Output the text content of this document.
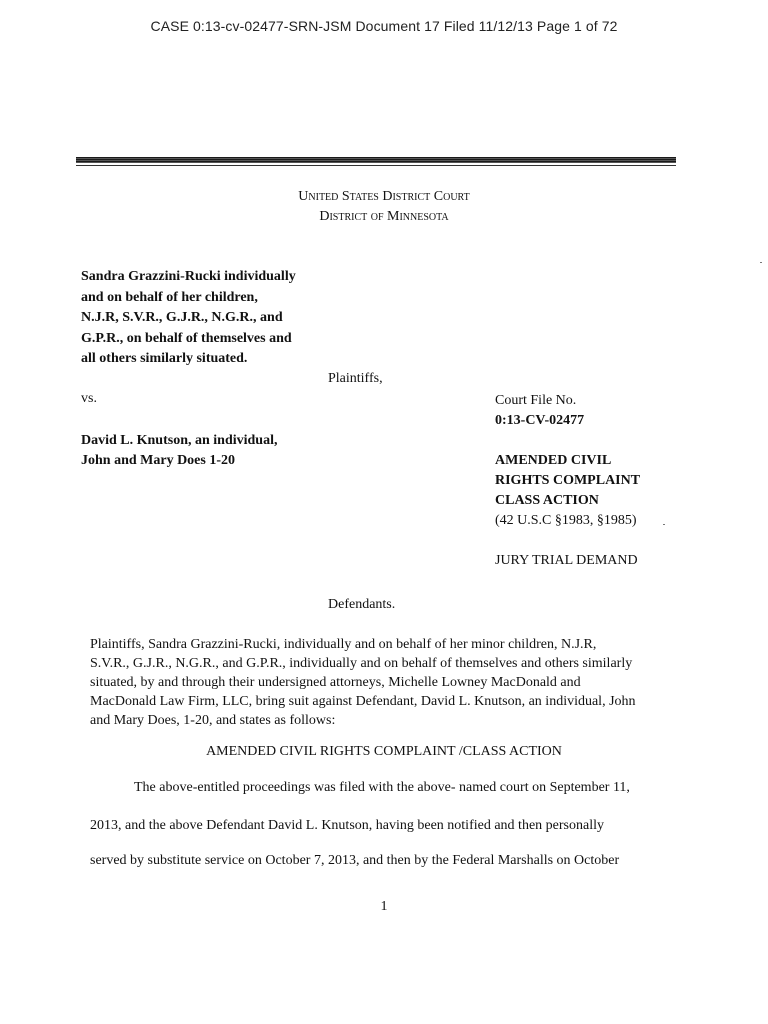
CASE 0:13-cv-02477-SRN-JSM Document 17 Filed 11/12/13 Page 1 of 72
United States District Court
District of Minnesota
Sandra Grazzini-Rucki individually
and on behalf of her children,
N.J.R, S.V.R., G.J.R., N.G.R., and
G.P.R., on behalf of themselves and
all others similarly situated.
Plaintiffs,
vs.
David L. Knutson, an individual,
John and Mary Does 1-20
Court File No.
0:13-CV-02477
AMENDED CIVIL
RIGHTS COMPLAINT
CLASS ACTION
(42 U.S.C §1983, §1985)
JURY TRIAL DEMAND
Defendants.
Plaintiffs, Sandra Grazzini-Rucki, individually and on behalf of her minor children, N.J.R,
S.V.R., G.J.R., N.G.R., and G.P.R., individually and on behalf of themselves and others similarly
situated, by and through their undersigned attorneys, Michelle Lowney MacDonald and
MacDonald Law Firm, LLC, bring suit against Defendant, David L. Knutson, an individual, John
and Mary Does, 1-20, and states as follows:
AMENDED CIVIL RIGHTS COMPLAINT /CLASS ACTION
The above-entitled proceedings was filed with the above- named court on September 11,
2013, and the above Defendant David L. Knutson, having been notified and then personally
served by substitute service on October 7, 2013, and then by the Federal Marshalls on October
1
